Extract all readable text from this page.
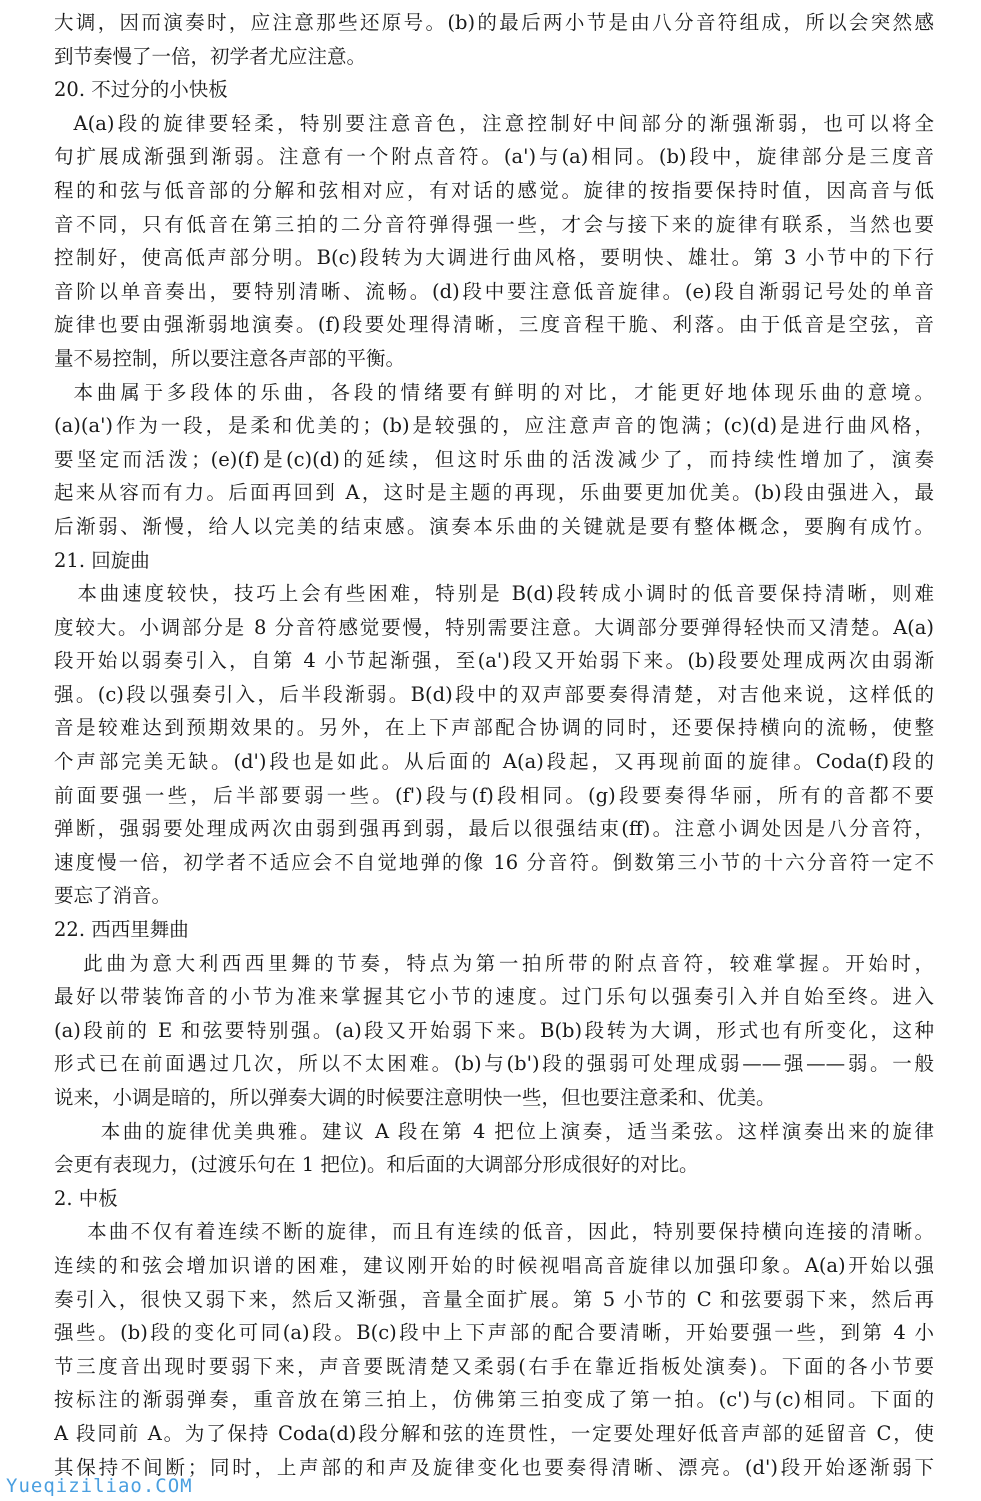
大调，因而演奏时，应注意那些还原号。(b)的最后两小节是由八分音符组成，所以会突然感
到节奏慢了一倍，初学者尤应注意。
20. 不过分的小快板
A(a)段的旋律要轻柔，特别要注意音色，注意控制好中间部分的渐强渐弱，也可以将全
句扩展成渐强到渐弱。注意有一个附点音符。(a')与(a)相同。(b)段中，旋律部分是三度音
程的和弦与低音部的分解和弦相对应，有对话的感觉。旋律的按指要保持时值，因高音与低
音不同，只有低音在第三拍的二分音符弹得强一些，才会与接下来的旋律有联系，当然也要
控制好，使高低声部分明。B(c)段转为大调进行曲风格，要明快、雄壮。第 3 小节中的下行
音阶以单音奏出，要特别清晰、流畅。(d)段中要注意低音旋律。(e)段自渐弱记号处的单音
旋律也要由强渐弱地演奏。(f)段要处理得清晰，三度音程干脆、利落。由于低音是空弦，音
量不易控制，所以要注意各声部的平衡。
本曲属于多段体的乐曲，各段的情绪要有鲜明的对比，才能更好地体现乐曲的意境。
(a)(a')作为一段，是柔和优美的；(b)是较强的，应注意声音的饱满；(c)(d)是进行曲风格，
要坚定而活泼；(e)(f)是(c)(d)的延续，但这时乐曲的活泼减少了，而持续性增加了，演奏
起来从容而有力。后面再回到 A，这时是主题的再现，乐曲要更加优美。(b)段由强进入，最
后渐弱、渐慢，给人以完美的结束感。演奏本乐曲的关键就是要有整体概念，要胸有成竹。
21. 回旋曲
本曲速度较快，技巧上会有些困难，特别是 B(d)段转成小调时的低音要保持清晰，则难
度较大。小调部分是 8 分音符感觉要慢，特别需要注意。大调部分要弹得轻快而又清楚。A(a)
段开始以弱奏引入，自第 4 小节起渐强，至(a')段又开始弱下来。(b)段要处理成两次由弱渐
强。(c)段以强奏引入，后半段渐弱。B(d)段中的双声部要奏得清楚，对吉他来说，这样低的
音是较难达到预期效果的。另外，在上下声部配合协调的同时，还要保持横向的流畅，使整
个声部完美无缺。(d')段也是如此。从后面的 A(a)段起，又再现前面的旋律。Coda(f)段的
前面要强一些，后半部要弱一些。(f')段与(f)段相同。(g)段要奏得华丽，所有的音都不要
弹断，强弱要处理成两次由弱到强再到弱，最后以很强结束(ff)。注意小调处因是八分音符，
速度慢一倍，初学者不适应会不自觉地弹的像 16 分音符。倒数第三小节的十六分音符一定不
要忘了消音。
22. 西西里舞曲
此曲为意大利西西里舞的节奏，特点为第一拍所带的附点音符，较难掌握。开始时，
最好以带装饰音的小节为准来掌握其它小节的速度。过门乐句以强奏引入并自始至终。进入
(a)段前的 E 和弦要特别强。(a)段又开始弱下来。B(b)段转为大调，形式也有所变化，这种
形式已在前面遇过几次，所以不太困难。(b)与(b')段的强弱可处理成弱——强——弱。一般
说来，小调是暗的，所以弹奏大调的时候要注意明快一些，但也要注意柔和、优美。
本曲的旋律优美典雅。建议 A 段在第 4 把位上演奏，适当柔弦。这样演奏出来的旋律
会更有表现力，(过渡乐句在 1 把位)。和后面的大调部分形成很好的对比。
2. 中板
本曲不仅有着连续不断的旋律，而且有连续的低音，因此，特别要保持横向连接的清晰。
连续的和弦会增加识谱的困难，建议刚开始的时候视唱高音旋律以加强印象。A(a)开始以强
奏引入，很快又弱下来，然后又渐强，音量全面扩展。第 5 小节的 C 和弦要弱下来，然后再
强些。(b)段的变化可同(a)段。B(c)段中上下声部的配合要清晰，开始要强一些，到第 4 小
节三度音出现时要弱下来，声音要既清楚又柔弱(右手在靠近指板处演奏)。下面的各小节要
按标注的渐弱弹奏，重音放在第三拍上，仿佛第三拍变成了第一拍。(c')与(c)相同。下面的
A 段同前 A。为了保持 Coda(d)段分解和弦的连贯性，一定要处理好低音声部的延留音 C，使
其保持不间断；同时，上声部的和声及旋律变化也要奏得清晰、漂亮。(d')段开始逐渐弱下
Yueqiziliao.COM
